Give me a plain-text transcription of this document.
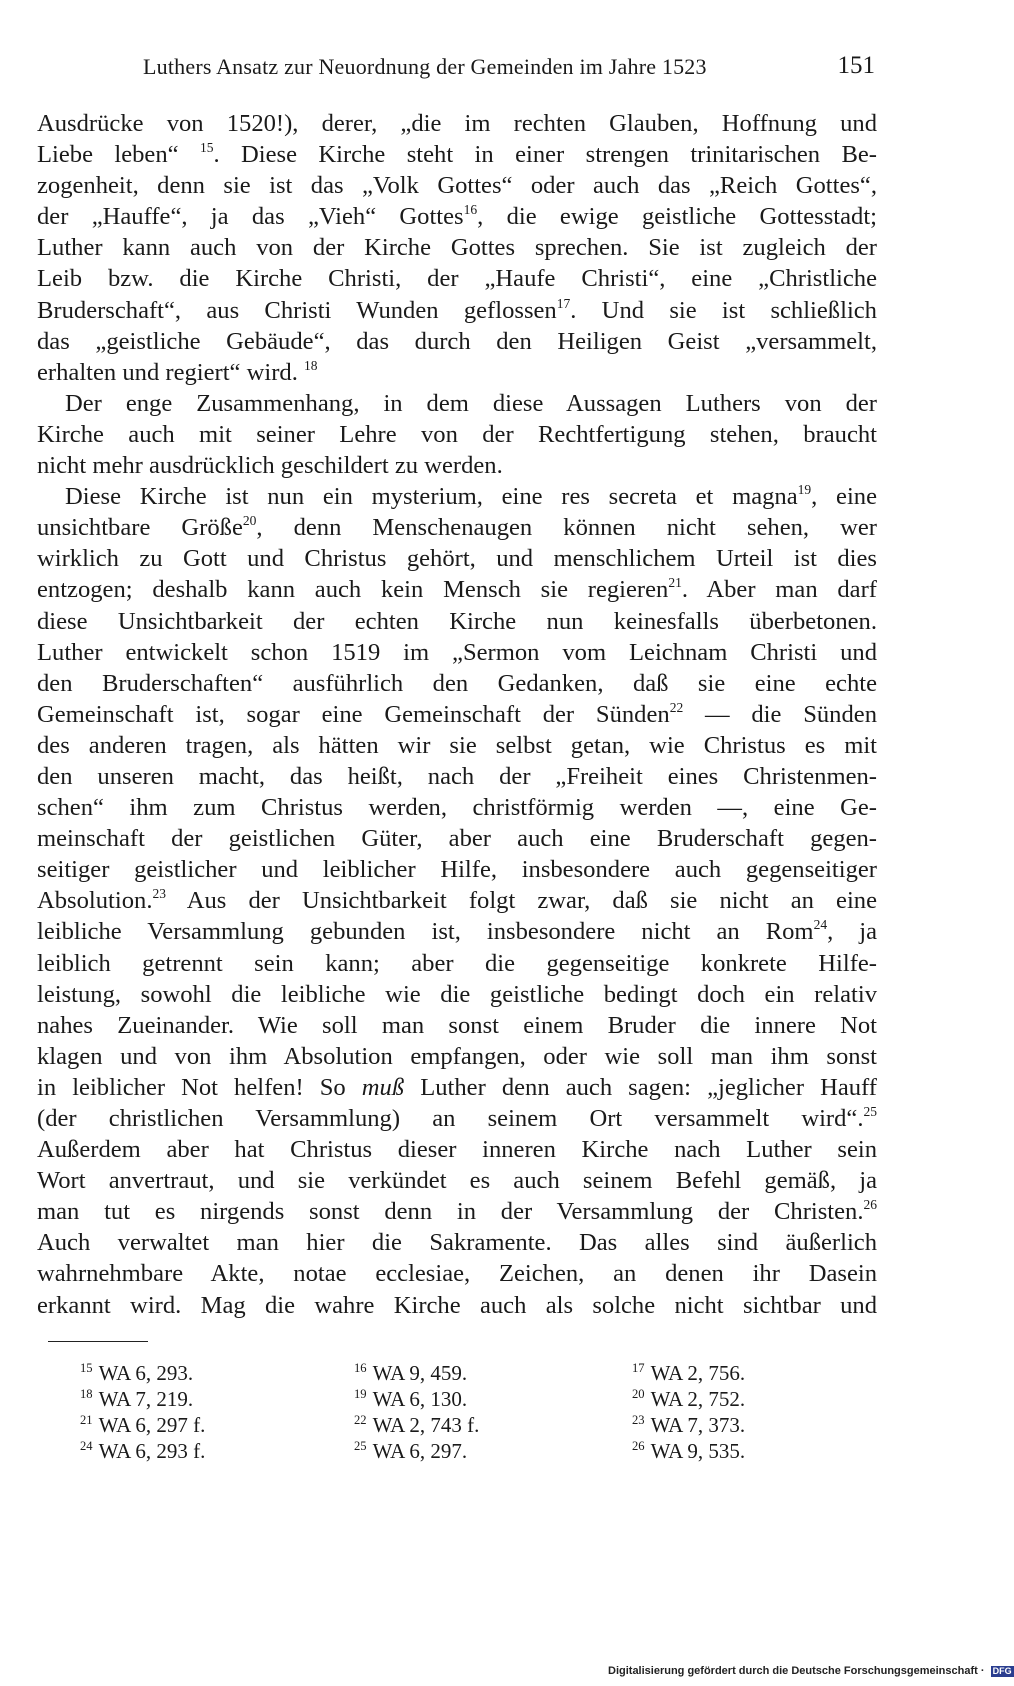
Luthers Ansatz zur Neuordnung der Gemeinden im Jahre 1523	151
Ausdrücke von 1520!), derer, „die im rechten Glauben, Hoffnung und
Liebe leben“ $^{15}$. Diese Kirche steht in einer strengen trinitarischen Be-
zogenheit, denn sie ist das „Volk Gottes“ oder auch das „Reich Gottes“,
der „Hauffe“, ja das „Vieh“ Gottes$^{16}$, die ewige geistliche Gottesstadt;
Luther kann auch von der Kirche Gottes sprechen. Sie ist zugleich der
Leib bzw. die Kirche Christi, der „Haufe Christi“, eine „Christliche
Bruderschaft“, aus Christi Wunden geflossen$^{17}$. Und sie ist schließlich
das „geistliche Gebäude“, das durch den Heiligen Geist „versammelt,
erhalten und regiert“ wird. $^{18}$
Der enge Zusammenhang, in dem diese Aussagen Luthers von der
Kirche auch mit seiner Lehre von der Rechtfertigung stehen, braucht
nicht mehr ausdrücklich geschildert zu werden.
Diese Kirche ist nun ein mysterium, eine res secreta et magna$^{19}$, eine
unsichtbare Größe$^{20}$, denn Menschenaugen können nicht sehen, wer
wirklich zu Gott und Christus gehört, und menschlichem Urteil ist dies
entzogen; deshalb kann auch kein Mensch sie regieren$^{21}$. Aber man darf
diese Unsichtbarkeit der echten Kirche nun keinesfalls überbetonen.
Luther entwickelt schon 1519 im „Sermon vom Leichnam Christi und
den Bruderschaften“ ausführlich den Gedanken, daß sie eine echte
Gemeinschaft ist, sogar eine Gemeinschaft der Sünden$^{22}$ — die Sünden
des anderen tragen, als hätten wir sie selbst getan, wie Christus es mit
den unseren macht, das heißt, nach der „Freiheit eines Christenmen-
schen“ ihm zum Christus werden, christförmig werden —, eine Ge-
meinschaft der geistlichen Güter, aber auch eine Bruderschaft gegen-
seitiger geistlicher und leiblicher Hilfe, insbesondere auch gegenseitiger
Absolution.$^{23}$ Aus der Unsichtbarkeit folgt zwar, daß sie nicht an eine
leibliche Versammlung gebunden ist, insbesondere nicht an Rom$^{24}$, ja
leiblich getrennt sein kann; aber die gegenseitige konkrete Hilfe-
leistung, sowohl die leibliche wie die geistliche bedingt doch ein relativ
nahes Zueinander. Wie soll man sonst einem Bruder die innere Not
klagen und von ihm Absolution empfangen, oder wie soll man ihm sonst
in leiblicher Not helfen! So muß Luther denn auch sagen: „jeglicher Hauff
(der christlichen Versammlung) an seinem Ort versammelt wird“.$^{25}$
Außerdem aber hat Christus dieser inneren Kirche nach Luther sein
Wort anvertraut, und sie verkündet es auch seinem Befehl gemäß, ja
man tut es nirgends sonst denn in der Versammlung der Christen.$^{26}$
Auch verwaltet man hier die Sakramente. Das alles sind äußerlich
wahrnehmbare Akte, notae ecclesiae, Zeichen, an denen ihr Dasein
erkannt wird. Mag die wahre Kirche auch als solche nicht sichtbar und
$^{15}$ WA 6, 293.	$^{16}$ WA 9, 459.	$^{17}$ WA 2, 756.
$^{18}$ WA 7, 219.	$^{19}$ WA 6, 130.	$^{20}$ WA 2, 752.
$^{21}$ WA 6, 297 f.	$^{22}$ WA 2, 743 f.	$^{23}$ WA 7, 373.
$^{24}$ WA 6, 293 f.	$^{25}$ WA 6, 297.	$^{26}$ WA 9, 535.
Digitalisierung gefördert durch die Deutsche Forschungsgemeinschaft · DFG
